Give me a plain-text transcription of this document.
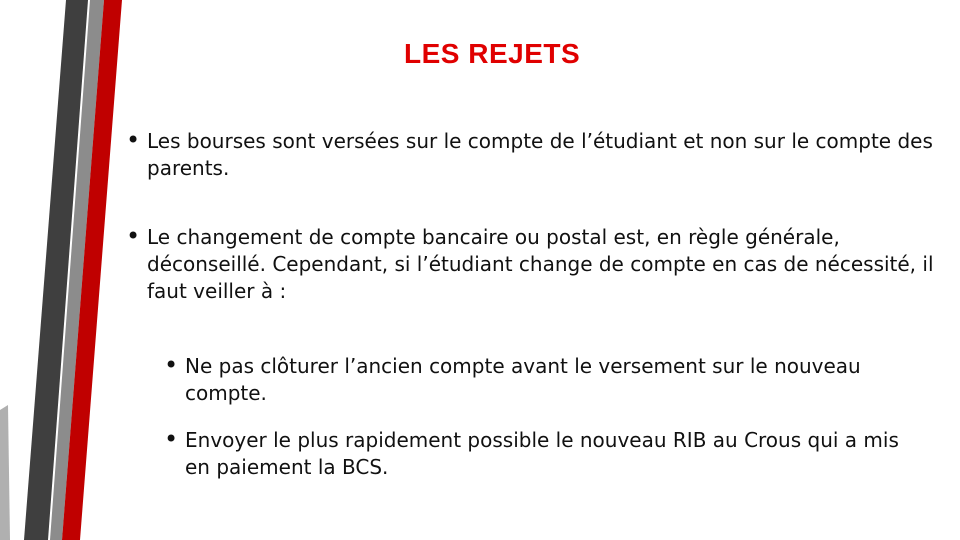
LES REJETS
• Les bourses sont versées sur le compte de l’étudiant et non sur le compte des parents.
• Le changement de compte bancaire ou postal est, en règle générale, déconseillé. Cependant, si l’étudiant change de compte en cas de nécessité, il faut veiller à :
• Ne pas clôturer l’ancien compte avant le versement sur le nouveau compte.
• Envoyer le plus rapidement possible le nouveau RIB au Crous qui a mis en paiement la BCS.
